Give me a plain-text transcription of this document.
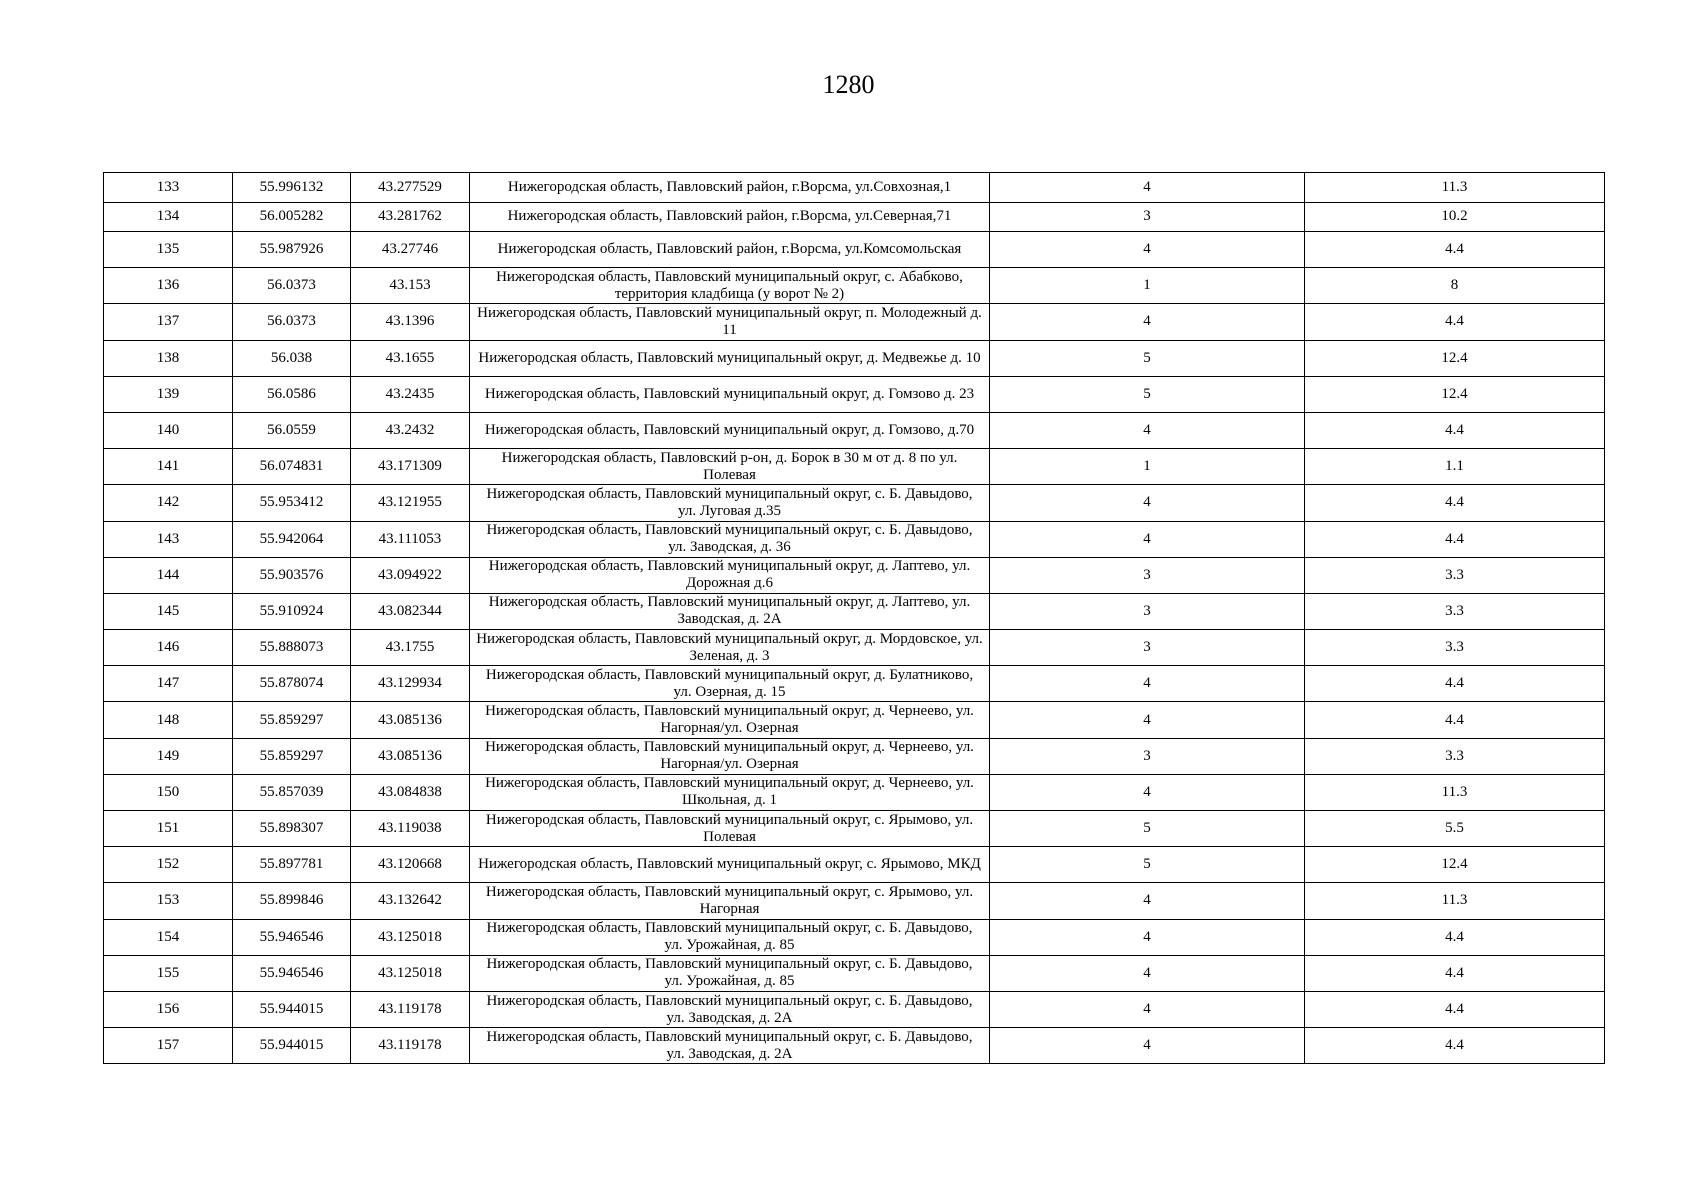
1280
133	55.996132	43.277529	Нижегородская область, Павловский район, г.Ворсма, ул.Совхозная,1	4	11.3
134	56.005282	43.281762	Нижегородская область, Павловский район, г.Ворсма, ул.Северная,71	3	10.2
135	55.987926	43.27746	Нижегородская область, Павловский район, г.Ворсма, ул.Комсомольская	4	4.4
136	56.0373	43.153	Нижегородская область, Павловский муниципальный округ, с. Абабково, территория кладбища (у ворот № 2)	1	8
137	56.0373	43.1396	Нижегородская область, Павловский муниципальный округ, п. Молодежный д. 11	4	4.4
138	56.038	43.1655	Нижегородская область, Павловский муниципальный округ, д. Медвежье д. 10	5	12.4
139	56.0586	43.2435	Нижегородская область, Павловский муниципальный округ, д. Гомзово д. 23	5	12.4
140	56.0559	43.2432	Нижегородская область, Павловский муниципальный округ, д. Гомзово, д.70	4	4.4
141	56.074831	43.171309	Нижегородская область, Павловский р-он, д. Борок в 30 м от д. 8 по ул. Полевая	1	1.1
142	55.953412	43.121955	Нижегородская область, Павловский муниципальный округ, с. Б. Давыдово, ул. Луговая д.35	4	4.4
143	55.942064	43.111053	Нижегородская область, Павловский муниципальный округ, с. Б. Давыдово, ул. Заводская, д. 36	4	4.4
144	55.903576	43.094922	Нижегородская область, Павловский муниципальный округ, д. Лаптево, ул. Дорожная д.6	3	3.3
145	55.910924	43.082344	Нижегородская область, Павловский муниципальный округ, д. Лаптево, ул. Заводская, д. 2А	3	3.3
146	55.888073	43.1755	Нижегородская область, Павловский муниципальный округ, д. Мордовское, ул. Зеленая, д. 3	3	3.3
147	55.878074	43.129934	Нижегородская область, Павловский муниципальный округ, д. Булатниково, ул. Озерная, д. 15	4	4.4
148	55.859297	43.085136	Нижегородская область, Павловский муниципальный округ, д. Чернеево, ул. Нагорная/ул. Озерная	4	4.4
149	55.859297	43.085136	Нижегородская область, Павловский муниципальный округ, д. Чернеево, ул. Нагорная/ул. Озерная	3	3.3
150	55.857039	43.084838	Нижегородская область, Павловский муниципальный округ, д. Чернеево, ул. Школьная, д. 1	4	11.3
151	55.898307	43.119038	Нижегородская область, Павловский муниципальный округ, с. Ярымово, ул. Полевая	5	5.5
152	55.897781	43.120668	Нижегородская область, Павловский муниципальный округ, с. Ярымово, МКД	5	12.4
153	55.899846	43.132642	Нижегородская область, Павловский муниципальный округ, с. Ярымово, ул. Нагорная	4	11.3
154	55.946546	43.125018	Нижегородская область, Павловский муниципальный округ, с. Б. Давыдово, ул. Урожайная, д. 85	4	4.4
155	55.946546	43.125018	Нижегородская область, Павловский муниципальный округ, с. Б. Давыдово, ул. Урожайная, д. 85	4	4.4
156	55.944015	43.119178	Нижегородская область, Павловский муниципальный округ, с. Б. Давыдово, ул. Заводская, д. 2А	4	4.4
157	55.944015	43.119178	Нижегородская область, Павловский муниципальный округ, с. Б. Давыдово, ул. Заводская, д. 2А	4	4.4
